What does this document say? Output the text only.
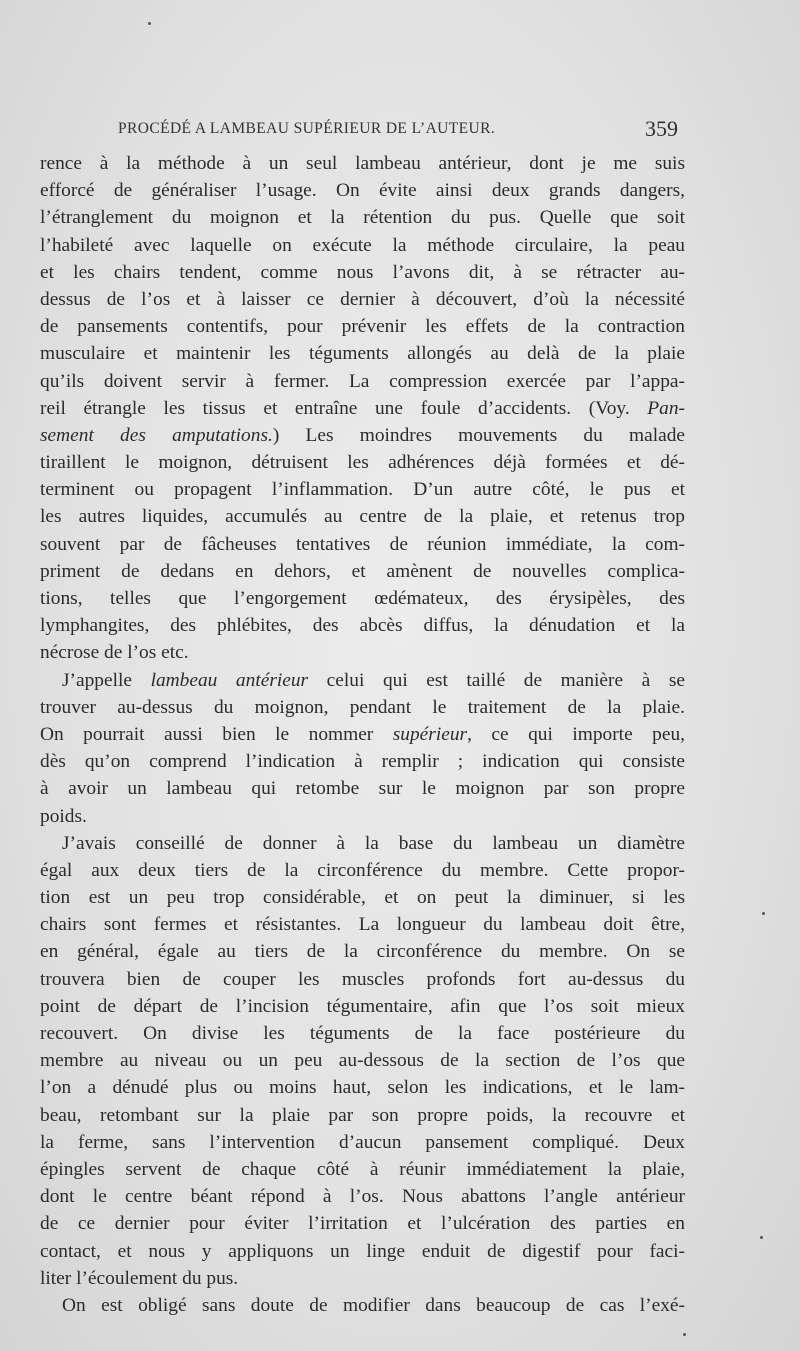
PROCÉDÉ A LAMBEAU SUPÉRIEUR DE L’AUTEUR.	359
rence à la méthode à un seul lambeau antérieur, dont je me suis
efforcé de généraliser l’usage. On évite ainsi deux grands dangers,
l’étranglement du moignon et la rétention du pus. Quelle que soit
l’habileté avec laquelle on exécute la méthode circulaire, la peau
et les chairs tendent, comme nous l’avons dit, à se rétracter au-
dessus de l’os et à laisser ce dernier à découvert, d’où la nécessité
de pansements contentifs, pour prévenir les effets de la contraction
musculaire et maintenir les téguments allongés au delà de la plaie
qu’ils doivent servir à fermer. La compression exercée par l’appa-
reil étrangle les tissus et entraîne une foule d’accidents. (Voy. Pan-
sement des amputations.) Les moindres mouvements du malade
tiraillent le moignon, détruisent les adhérences déjà formées et dé-
terminent ou propagent l’inflammation. D’un autre côté, le pus et
les autres liquides, accumulés au centre de la plaie, et retenus trop
souvent par de fâcheuses tentatives de réunion immédiate, la com-
priment de dedans en dehors, et amènent de nouvelles complica-
tions, telles que l’engorgement œdémateux, des érysipèles, des
lymphangites, des phlébites, des abcès diffus, la dénudation et la
nécrose de l’os etc.
J’appelle lambeau antérieur celui qui est taillé de manière à se
trouver au-dessus du moignon, pendant le traitement de la plaie.
On pourrait aussi bien le nommer supérieur, ce qui importe peu,
dès qu’on comprend l’indication à remplir ; indication qui consiste
à avoir un lambeau qui retombe sur le moignon par son propre
poids.
J’avais conseillé de donner à la base du lambeau un diamètre
égal aux deux tiers de la circonférence du membre. Cette propor-
tion est un peu trop considérable, et on peut la diminuer, si les
chairs sont fermes et résistantes. La longueur du lambeau doit être,
en général, égale au tiers de la circonférence du membre. On se
trouvera bien de couper les muscles profonds fort au-dessus du
point de départ de l’incision tégumentaire, afin que l’os soit mieux
recouvert. On divise les téguments de la face postérieure du
membre au niveau ou un peu au-dessous de la section de l’os que
l’on a dénudé plus ou moins haut, selon les indications, et le lam-
beau, retombant sur la plaie par son propre poids, la recouvre et
la ferme, sans l’intervention d’aucun pansement compliqué. Deux
épingles servent de chaque côté à réunir immédiatement la plaie,
dont le centre béant répond à l’os. Nous abattons l’angle antérieur
de ce dernier pour éviter l’irritation et l’ulcération des parties en
contact, et nous y appliquons un linge enduit de digestif pour faci-
liter l’écoulement du pus.
On est obligé sans doute de modifier dans beaucoup de cas l’exé-
